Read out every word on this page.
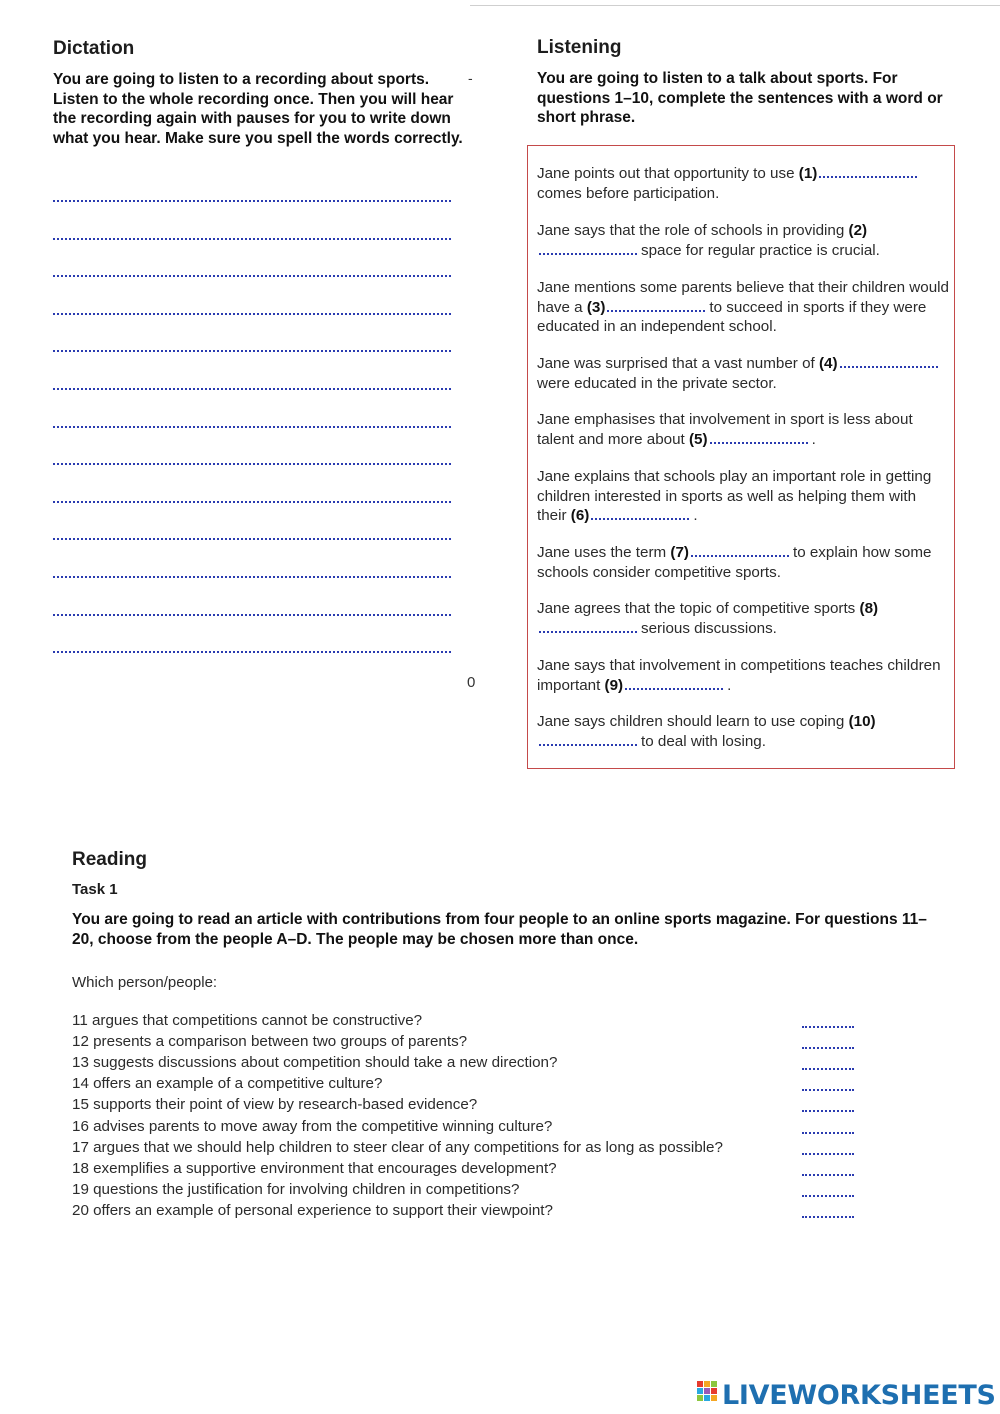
Dictation
You are going to listen to a recording about sports. Listen to the whole recording once. Then you will hear the recording again with pauses for you to write down what you hear. Make sure you spell the words correctly.
-
0
Listening
You are going to listen to a talk about sports. For questions 1–10, complete the sentences with a word or short phrase.
Jane points out that opportunity to use (1)comes before participation.
Jane says that the role of schools in providing (2)space for regular practice is crucial.
Jane mentions some parents believe that their children would have a (3)	to succeed in sports if they were educated in an independent school.
Jane was surprised that a vast number of (4)were educated in the private sector.
Jane emphasises that involvement in sport is less about talent and more about (5)	.
Jane explains that schools play an important role in getting children interested in sports as well as helping them with their (6)	.
Jane uses the term (7)	to explain how some schools consider competitive sports.
Jane agrees that the topic of competitive sports (8)serious discussions.
Jane says that involvement in competitions teaches children important (9)	.
Jane says children should learn to use coping (10)to deal with losing.
Reading
Task 1
You are going to read an article with contributions from four people to an online sports magazine. For questions 11–20, choose from the people A–D. The people may be chosen more than once.
Which person/people:
11 argues that competitions cannot be constructive?
12 presents a comparison between two groups of parents?
13 suggests discussions about competition should take a new direction?
14 offers an example of a competitive culture?
15 supports their point of view by research-based evidence?
16 advises parents to move away from the competitive winning culture?
17 argues that we should help children to steer clear of any competitions for as long as possible?
18 exemplifies a supportive environment that encourages development?
19 questions the justification for involving children in competitions?
20 offers an example of personal experience to support their viewpoint?
LIVEWORKSHEETS
